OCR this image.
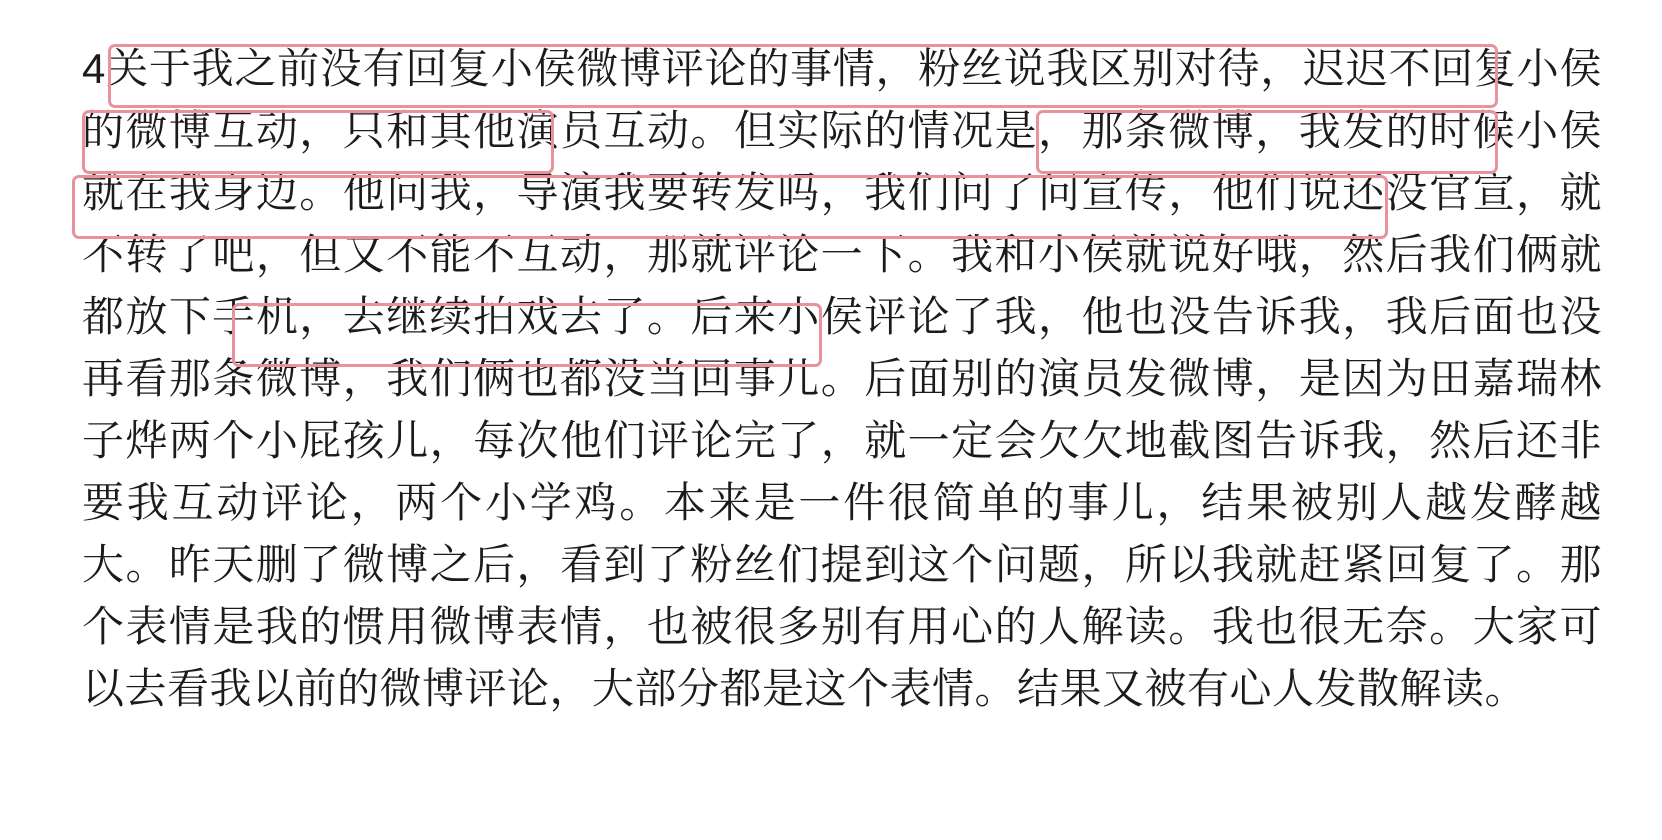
4关于我之前没有回复小侯微博评论的事情，粉丝说我区别对待，迟迟不回复小侯的微博互动，只和其他演员互动。但实际的情况是，那条微博，我发的时候小侯就在我身边。他问我，导演我要转发吗，我们问了问宣传，他们说还没官宣，就不转了吧，但又不能不互动，那就评论一下。我和小侯就说好哦，然后我们俩就都放下手机，去继续拍戏去了。后来小侯评论了我，他也没告诉我，我后面也没再看那条微博，我们俩也都没当回事儿。后面别的演员发微博，是因为田嘉瑞林子烨两个小屁孩儿，每次他们评论完了，就一定会欠欠地截图告诉我，然后还非要我互动评论，两个小学鸡。本来是一件很简单的事儿，结果被别人越发酵越大。昨天删了微博之后，看到了粉丝们提到这个问题，所以我就赶紧回复了。那个表情是我的惯用微博表情，也被很多别有用心的人解读。我也很无奈。大家可以去看我以前的微博评论，大部分都是这个表情。结果又被有心人发散解读。
